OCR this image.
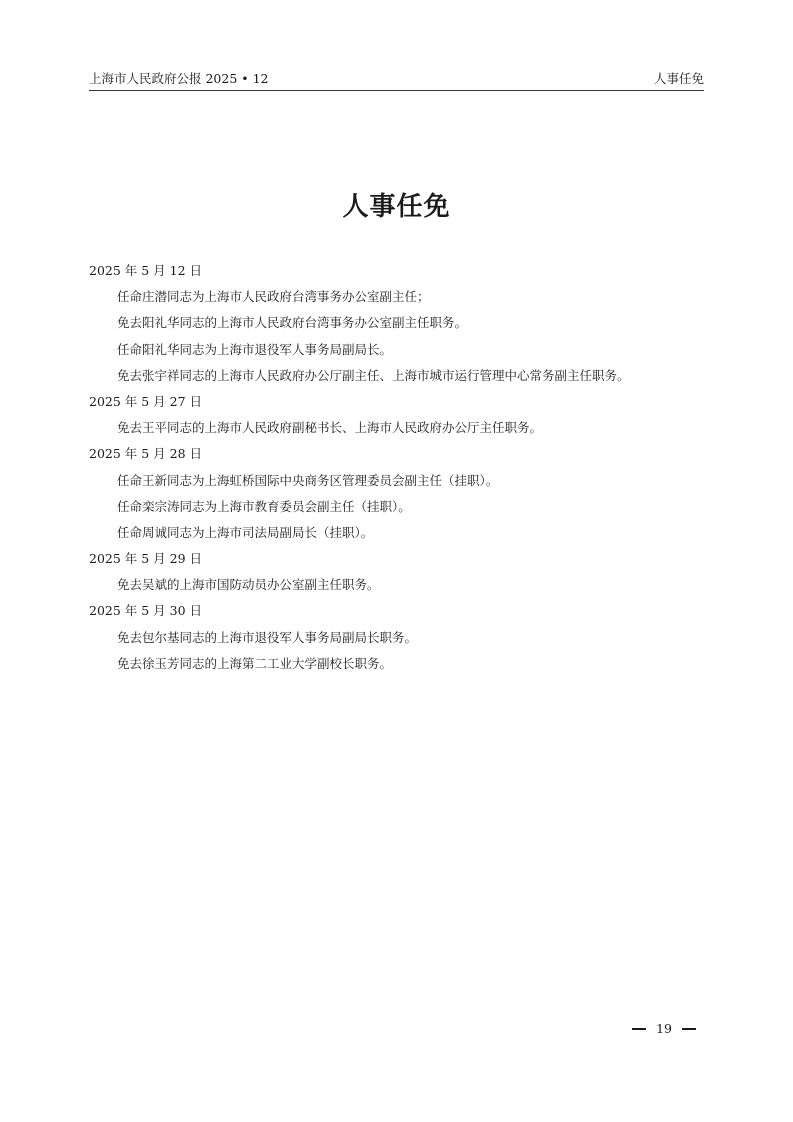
上海市人民政府公报 2025 • 12	人事任免
人事任免
2025 年 5 月 12 日
任命庄潜同志为上海市人民政府台湾事务办公室副主任；
免去阳礼华同志的上海市人民政府台湾事务办公室副主任职务。
任命阳礼华同志为上海市退役军人事务局副局长。
免去张宇祥同志的上海市人民政府办公厅副主任、上海市城市运行管理中心常务副主任职务。
2025 年 5 月 27 日
免去王平同志的上海市人民政府副秘书长、上海市人民政府办公厅主任职务。
2025 年 5 月 28 日
任命王新同志为上海虹桥国际中央商务区管理委员会副主任（挂职）。
任命栾宗涛同志为上海市教育委员会副主任（挂职）。
任命周诚同志为上海市司法局副局长（挂职）。
2025 年 5 月 29 日
免去吴斌的上海市国防动员办公室副主任职务。
2025 年 5 月 30 日
免去包尔基同志的上海市退役军人事务局副局长职务。
免去徐玉芳同志的上海第二工业大学副校长职务。
19
